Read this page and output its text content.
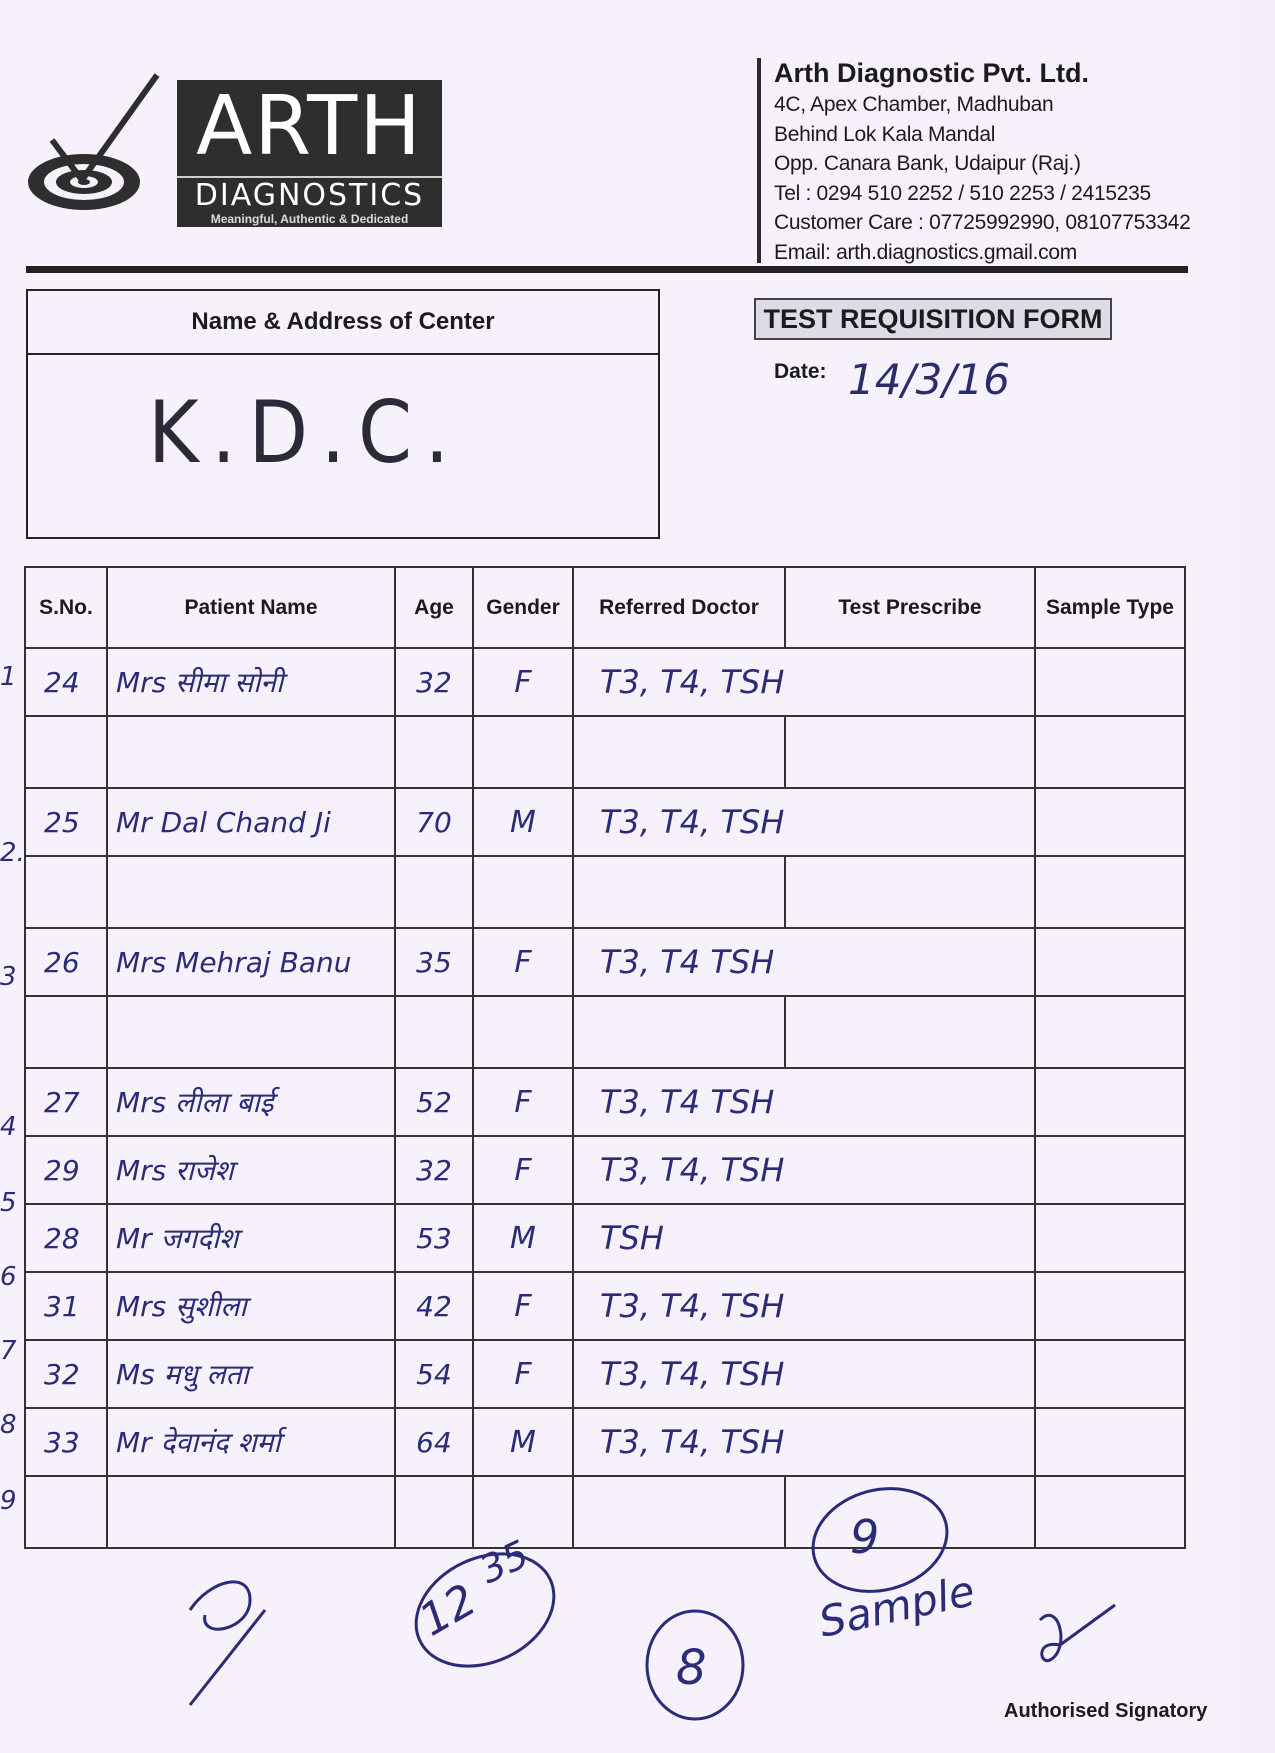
ARTH
DIAGNOSTICS
Meaningful, Authentic & Dedicated
Arth Diagnostic Pvt. Ltd.
4C, Apex Chamber, Madhuban
Behind Lok Kala Mandal
Opp. Canara Bank, Udaipur (Raj.)
Tel : 0294 510 2252 / 510 2253 / 2415235
Customer Care : 07725992990, 08107753342
Email: arth.diagnostics.gmail.com
Name & Address of Center
K.D.C.
TEST REQUISITION FORM
Date: 14/3/16
S.No.	Patient Name	Age	Gender	Referred Doctor	Test Prescribe	Sample Type
24	Mrs सीमा सोनी	32	F	T3, T4, TSH		

25	Mr Dal Chand Ji	70	M	T3, T4, TSH		

26	Mrs Mehraj Banu	35	F	T3, T4 TSH		

27	Mrs लीला बाई	52	F	T3, T4 TSH		
29	Mrs राजेश	32	F	T3, T4, TSH		
28	Mr जगदीश	53	M	TSH		
31	Mrs सुशीला	42	F	T3, T4, TSH		
32	Ms मधु लता	54	F	T3, T4, TSH		
33	Mr देवानंद शर्मा	64	M	T3, T4, TSH		

1
2.
3
4
5
6
7
8
9
12
35
8
9
Sample
Authorised Signatory
